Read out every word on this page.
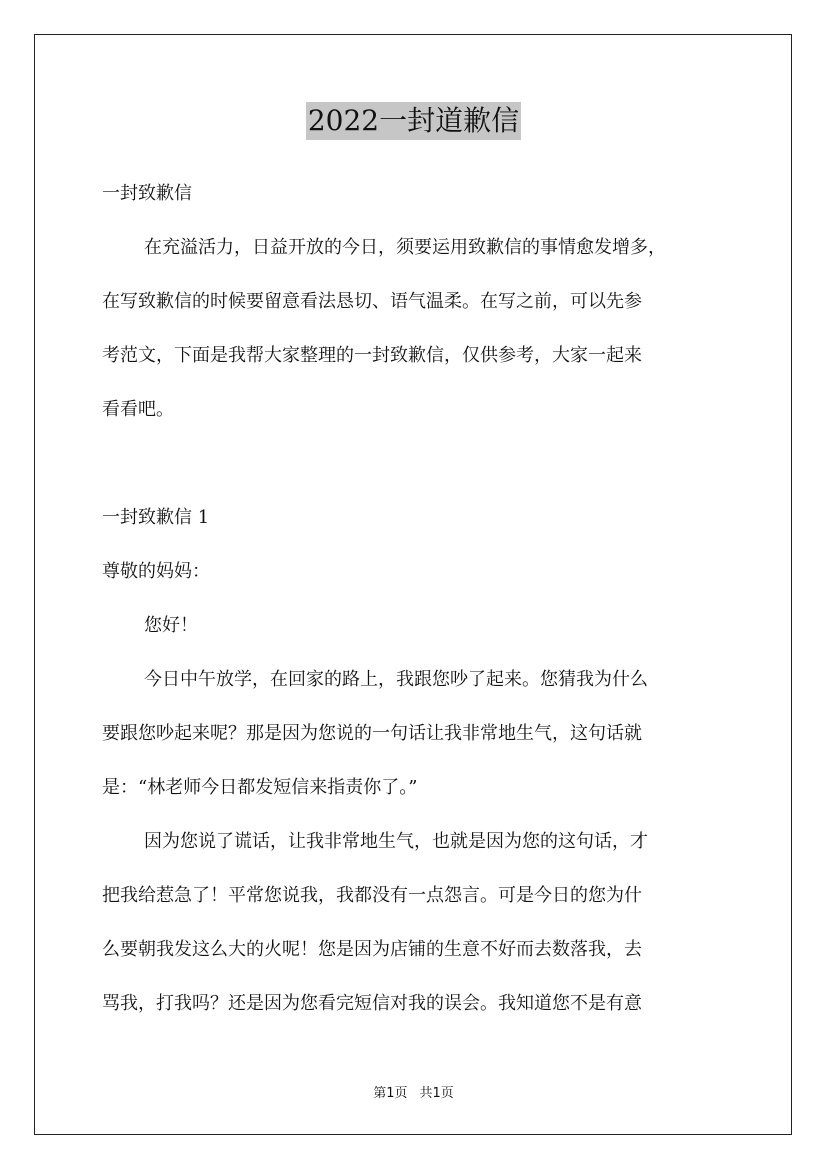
2022一封道歉信
一封致歉信
在充溢活力，日益开放的今日，须要运用致歉信的事情愈发增多，
在写致歉信的时候要留意看法恳切、语气温柔。在写之前，可以先参
考范文，下面是我帮大家整理的一封致歉信，仅供参考，大家一起来
看看吧。
一封致歉信 1
尊敬的妈妈：
您好！
今日中午放学，在回家的路上，我跟您吵了起来。您猜我为什么
要跟您吵起来呢？那是因为您说的一句话让我非常地生气，这句话就
是：“林老师今日都发短信来指责你了。”
因为您说了谎话，让我非常地生气，也就是因为您的这句话，才
把我给惹急了！平常您说我，我都没有一点怨言。可是今日的您为什
么要朝我发这么大的火呢！您是因为店铺的生意不好而去数落我，去
骂我，打我吗？还是因为您看完短信对我的误会。我知道您不是有意
第1页 共1页
